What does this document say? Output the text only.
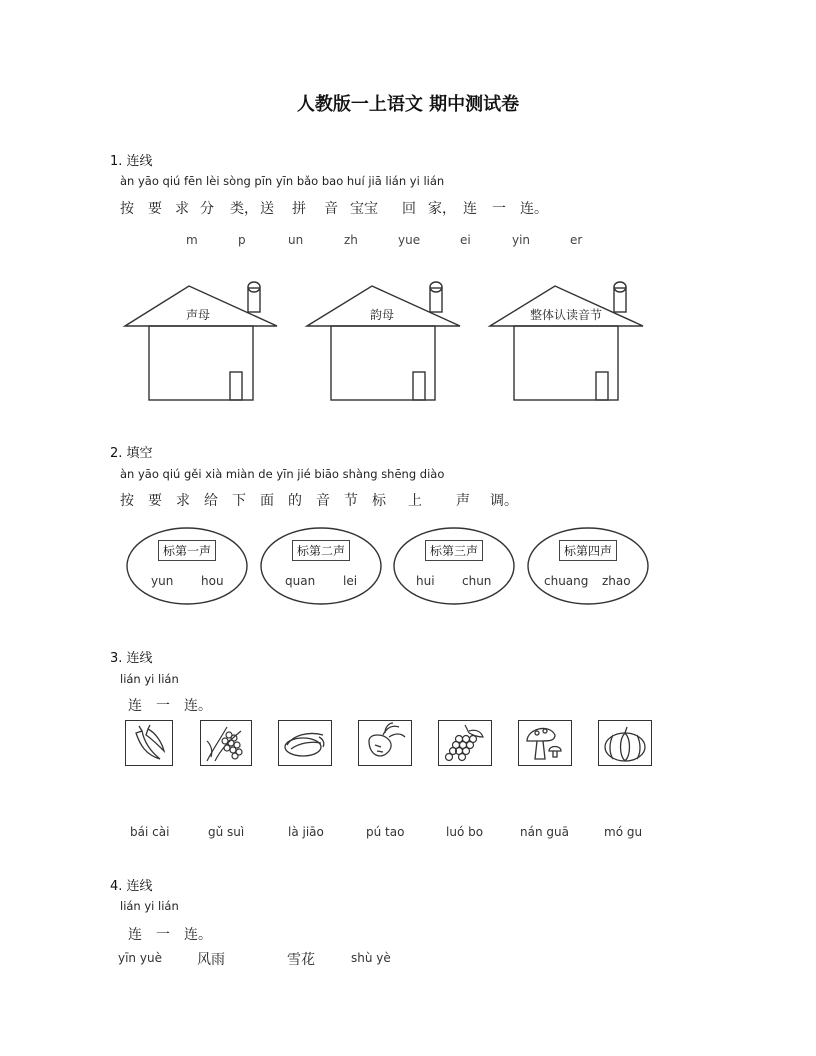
人教版一上语文 期中测试卷
1. 连线
àn yāo qiú fēn lèi sòng pīn yīn bǎo bao huí jiā lián yi lián
按 要 求 分 类， 送 拼 音 宝宝 回 家， 连 一 连。
m	p	un	zh	yue	ei	yin	er
声母	韵母	整体认读音节
2. 填空
àn yāo qiú gěi xià miàn de yīn jié biāo shàng shēng diào
按 要 求 给 下 面 的 音 节 标 上 声 调。
标第一声
yun hou
标第二声
quan lei
标第三声
hui chun
标第四声
chuang zhao
3. 连线
lián yi lián
连 一 连。
bái cài	gǔ suì	là jiāo	pú tao	luó bo	nán guā	mó gu
4. 连线
lián yi lián
连 一 连。
yīn yuè	风雨	雪花	shù yè
